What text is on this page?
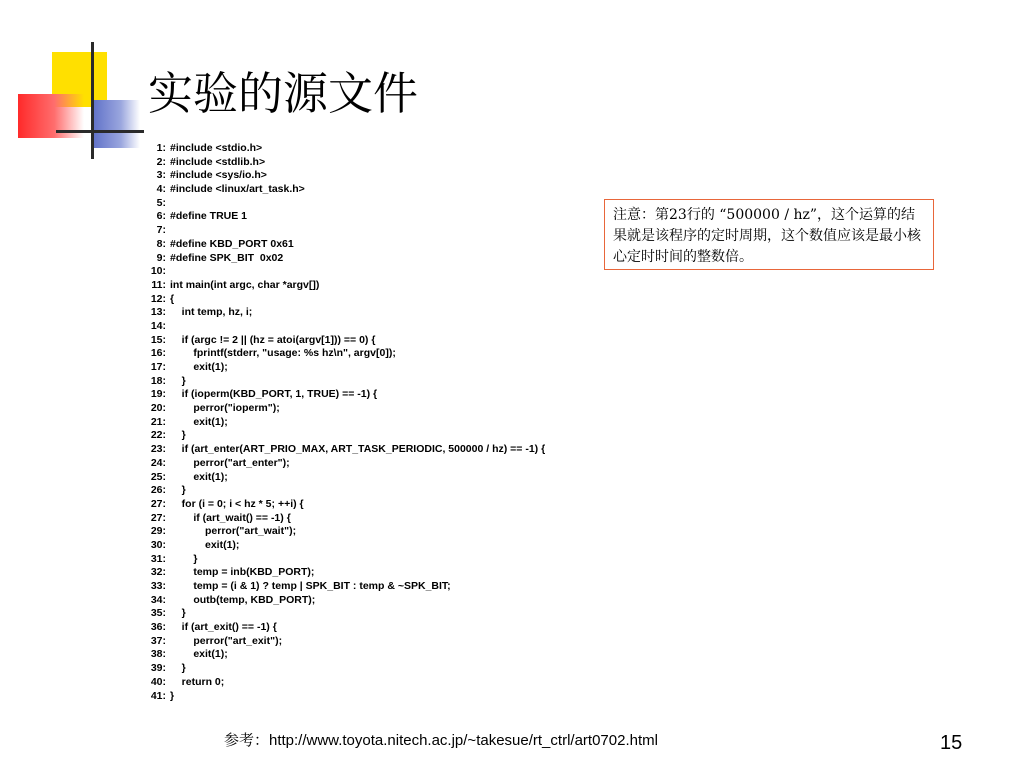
实验的源文件
1: #include <stdio.h>
2: #include <stdlib.h>
3: #include <sys/io.h>
4: #include <linux/art_task.h>
5:
6: #define TRUE 1
7:
8: #define KBD_PORT 0x61
9: #define SPK_BIT  0x02
10:
11: int main(int argc, char *argv[])
12: {
13:    int temp, hz, i;
14:
15:    if (argc != 2 || (hz = atoi(argv[1])) == 0) {
16:        fprintf(stderr, "usage: %s hz\n", argv[0]);
17:        exit(1);
18:    }
19:    if (ioperm(KBD_PORT, 1, TRUE) == -1) {
20:        perror("ioperm");
21:        exit(1);
22:    }
23:    if (art_enter(ART_PRIO_MAX, ART_TASK_PERIODIC, 500000 / hz) == -1) {
24:        perror("art_enter");
25:        exit(1);
26:    }
27:    for (i = 0; i < hz * 5; ++i) {
27:        if (art_wait() == -1) {
29:            perror("art_wait");
30:            exit(1);
31:        }
32:        temp = inb(KBD_PORT);
33:        temp = (i & 1) ? temp | SPK_BIT : temp & ~SPK_BIT;
34:        outb(temp, KBD_PORT);
35:    }
36:    if (art_exit() == -1) {
37:        perror("art_exit");
38:        exit(1);
39:    }
40:    return 0;
41: }
注意：第23行的 “500000 / hz”，这个运算的结果就是该程序的定时周期，这个数值应该是最小核心定时时间的整数倍。
参考：http://www.toyota.nitech.ac.jp/~takesue/rt_ctrl/art0702.html	15
